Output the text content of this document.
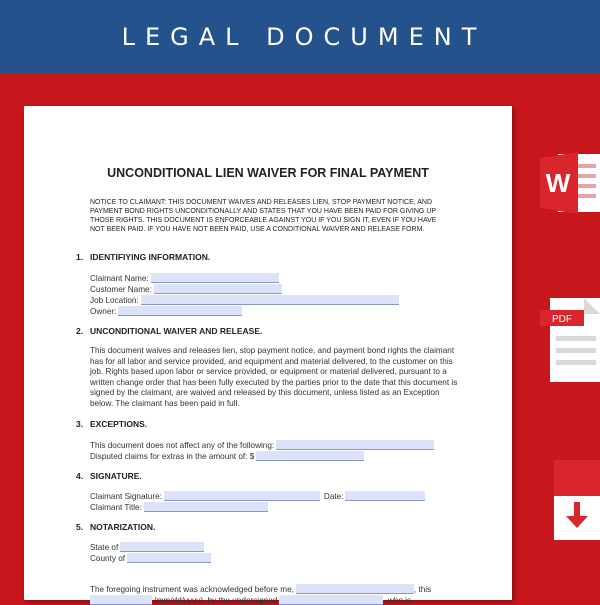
LEGAL DOCUMENT
UNCONDITIONAL LIEN WAIVER FOR FINAL PAYMENT
NOTICE TO CLAIMANT: THIS DOCUMENT WAIVES AND RELEASES LIEN, STOP PAYMENT NOTICE, AND PAYMENT BOND RIGHTS UNCONDITIONALLY AND STATES THAT YOU HAVE BEEN PAID FOR GIVING UP THOSE RIGHTS. THIS DOCUMENT IS ENFORCEABLE AGAINST YOU IF YOU SIGN IT, EVEN IF YOU HAVE NOT BEEN PAID. IF YOU HAVE NOT BEEN PAID, USE A CONDITIONAL WAIVER AND RELEASE FORM.
1. IDENTIFIYING INFORMATION.
Claimant Name:
Customer Name:
Job Location:
Owner:
2. UNCONDITIONAL WAIVER AND RELEASE.
This document waives and releases lien, stop payment notice, and payment bond rights the claimant has for all labor and service provided, and equipment and material delivered, to the customer on this job. Rights based upon labor or service provided, or equipment or material delivered, pursuant to a written change order that has been fully executed by the parties prior to the date that this document is signed by the claimant, are waived and released by this document, unless listed as an Exception below. The claimant has been paid in full.
3. EXCEPTIONS.
This document does not affect any of the following:
Disputed claims for extras in the amount of: $
4. SIGNATURE.
Claimant Signature:	Date:
Claimant Title:
5. NOTARIZATION.
State of
County of
The foregoing instrument was acknowledged before me,	, this
(mm/dd/yyyy), by the undersigned	, who is
W
PDF
